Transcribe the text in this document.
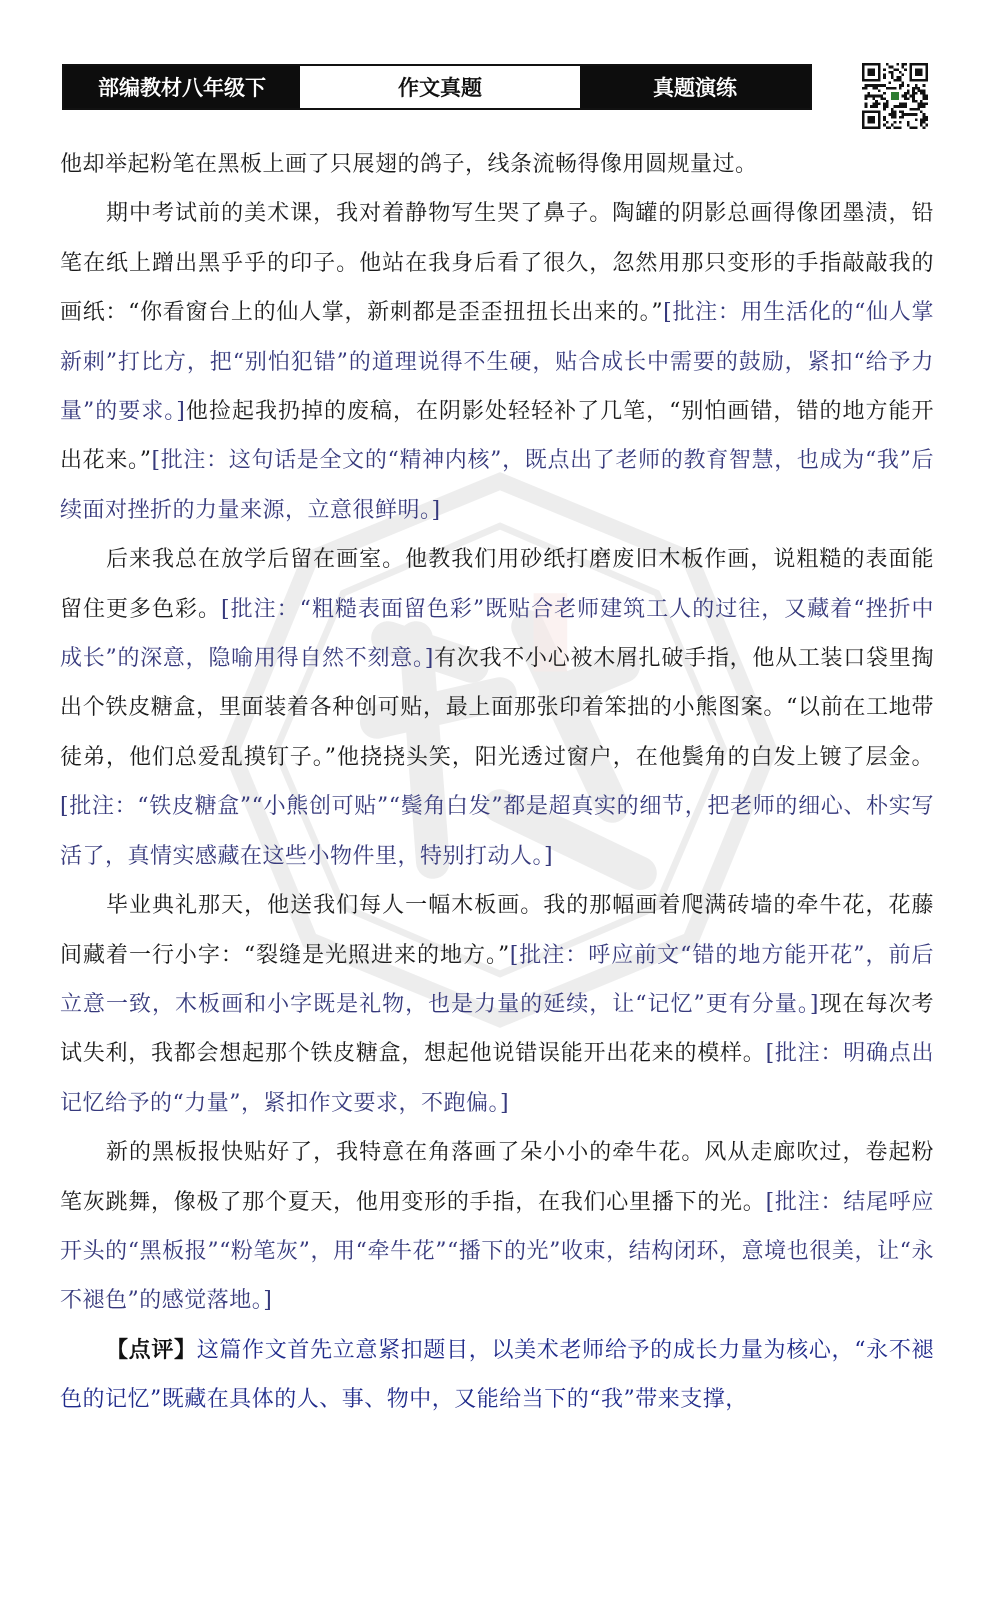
部编教材八年级下	作文真题	真题演练

他却举起粉笔在黑板上画了只展翅的鸽子，线条流畅得像用圆规量过。

期中考试前的美术课，我对着静物写生哭了鼻子。陶罐的阴影总画得像团墨渍，铅笔在纸上蹭出黑乎乎的印子。他站在我身后看了很久，忽然用那只变形的手指敲敲我的画纸：“你看窗台上的仙人掌，新刺都是歪歪扭扭长出来的。”[批注：用生活化的“仙人掌新刺”打比方，把“别怕犯错”的道理说得不生硬，贴合成长中需要的鼓励，紧扣“给予力量”的要求。]他捡起我扔掉的废稿，在阴影处轻轻补了几笔，“别怕画错，错的地方能开出花来。”[批注：这句话是全文的“精神内核”，既点出了老师的教育智慧，也成为“我”后续面对挫折的力量来源，立意很鲜明。]

后来我总在放学后留在画室。他教我们用砂纸打磨废旧木板作画，说粗糙的表面能留住更多色彩。[批注：“粗糙表面留色彩”既贴合老师建筑工人的过往，又藏着“挫折中成长”的深意，隐喻用得自然不刻意。]有次我不小心被木屑扎破手指，他从工装口袋里掏出个铁皮糖盒，里面装着各种创可贴，最上面那张印着笨拙的小熊图案。“以前在工地带徒弟，他们总爱乱摸钉子。”他挠挠头笑，阳光透过窗户，在他鬓角的白发上镀了层金。[批注：“铁皮糖盒”“小熊创可贴”“鬓角白发”都是超真实的细节，把老师的细心、朴实写活了，真情实感藏在这些小物件里，特别打动人。]

毕业典礼那天，他送我们每人一幅木板画。我的那幅画着爬满砖墙的牵牛花，花藤间藏着一行小字：“裂缝是光照进来的地方。”[批注：呼应前文“错的地方能开花”，前后立意一致，木板画和小字既是礼物，也是力量的延续，让“记忆”更有分量。]现在每次考试失利，我都会想起那个铁皮糖盒，想起他说错误能开出花来的模样。[批注：明确点出记忆给予的“力量”，紧扣作文要求，不跑偏。]

新的黑板报快贴好了，我特意在角落画了朵小小的牵牛花。风从走廊吹过，卷起粉笔灰跳舞，像极了那个夏天，他用变形的手指，在我们心里播下的光。[批注：结尾呼应开头的“黑板报”“粉笔灰”，用“牵牛花”“播下的光”收束，结构闭环，意境也很美，让“永不褪色”的感觉落地。]

【点评】这篇作文首先立意紧扣题目，以美术老师给予的成长力量为核心，“永不褪色的记忆”既藏在具体的人、事、物中，又能给当下的“我”带来支撑，
